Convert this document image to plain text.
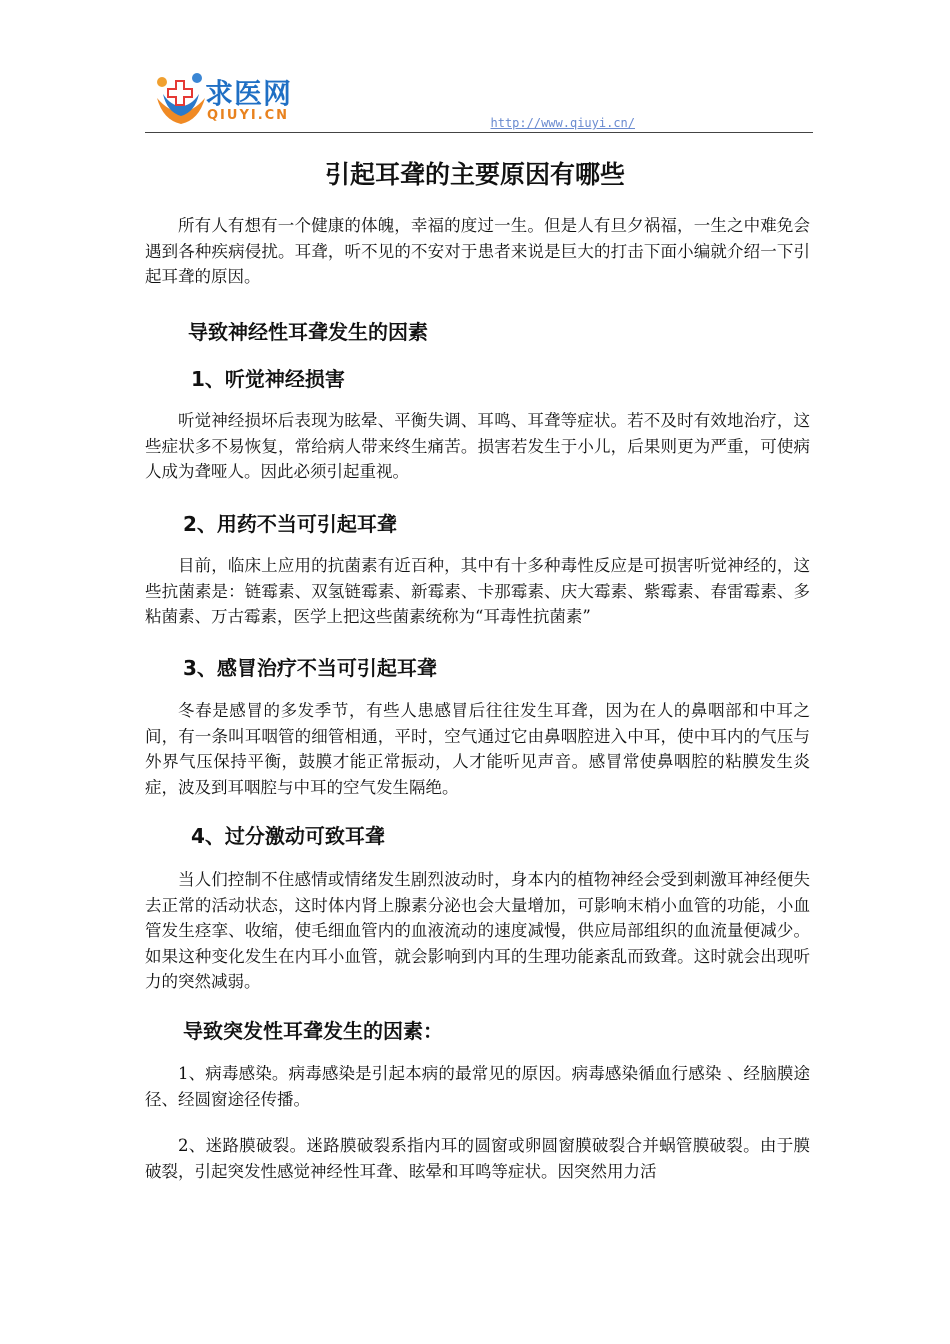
求医网
QIUYI.CN	http://www.qiuyi.cn/
引起耳聋的主要原因有哪些

所有人有想有一个健康的体魄，幸福的度过一生。但是人有旦夕祸福，一生之中难免会遇到各种疾病侵扰。耳聋，听不见的不安对于患者来说是巨大的打击下面小编就介绍一下引起耳聋的原因。

导致神经性耳聋发生的因素
1、听觉神经损害

听觉神经损坏后表现为眩晕、平衡失调、耳鸣、耳聋等症状。若不及时有效地治疗，这些症状多不易恢复，常给病人带来终生痛苦。损害若发生于小儿，后果则更为严重，可使病人成为聋哑人。因此必须引起重视。

2、用药不当可引起耳聋

目前，临床上应用的抗菌素有近百种，其中有十多种毒性反应是可损害听觉神经的，这些抗菌素是：链霉素、双氢链霉素、新霉素、卡那霉素、庆大霉素、紫霉素、春雷霉素、多粘菌素、万古霉素，医学上把这些菌素统称为“耳毒性抗菌素”

3、感冒治疗不当可引起耳聋

冬春是感冒的多发季节，有些人患感冒后往往发生耳聋，因为在人的鼻咽部和中耳之间，有一条叫耳咽管的细管相通，平时，空气通过它由鼻咽腔进入中耳，使中耳内的气压与外界气压保持平衡，鼓膜才能正常振动，人才能听见声音。感冒常使鼻咽腔的粘膜发生炎症，波及到耳咽腔与中耳的空气发生隔绝。

4、过分激动可致耳聋

当人们控制不住感情或情绪发生剧烈波动时，身本内的植物神经会受到刺激耳神经便失去正常的活动状态，这时体内肾上腺素分泌也会大量增加，可影响末梢小血管的功能，小血管发生痉挛、收缩，使毛细血管内的血液流动的速度减慢，供应局部组织的血流量便减少。如果这种变化发生在内耳小血管，就会影响到内耳的生理功能紊乱而致聋。这时就会出现听力的突然减弱。

导致突发性耳聋发生的因素：

1、病毒感染。病毒感染是引起本病的最常见的原因。病毒感染循血行感染 、经脑膜途径、经圆窗途径传播。

2、迷路膜破裂。迷路膜破裂系指内耳的圆窗或卵圆窗膜破裂合并蜗管膜破裂。由于膜破裂，引起突发性感觉神经性耳聋、眩晕和耳鸣等症状。因突然用力活
